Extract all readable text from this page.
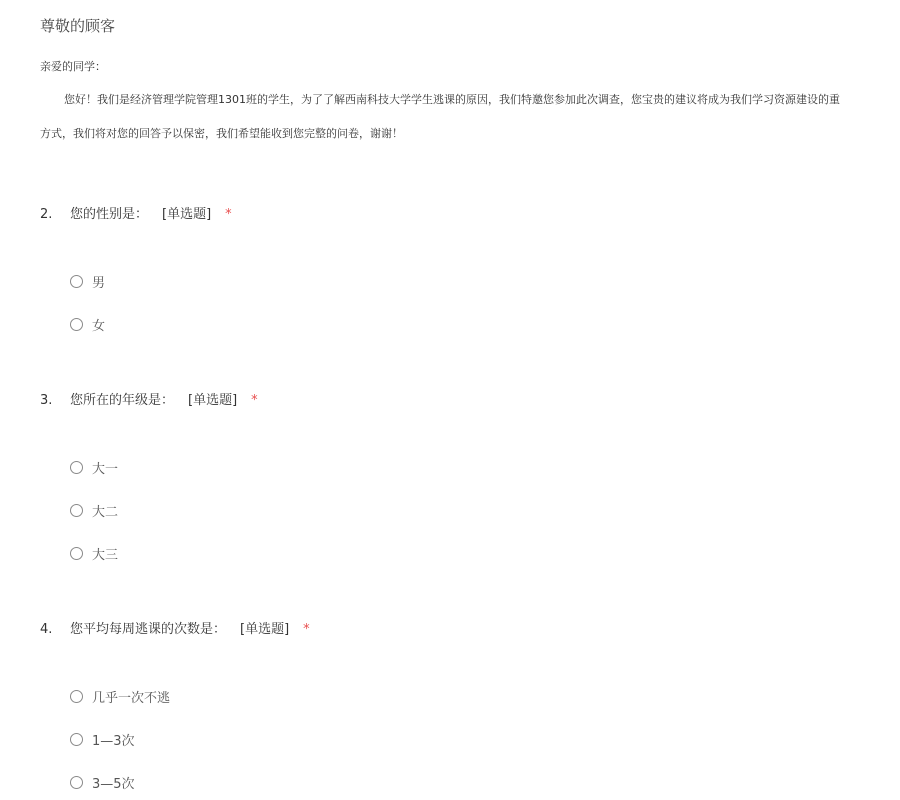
尊敬的顾客
亲爱的同学：
您好！我们是经济管理学院管理1301班的学生，为了了解西南科技大学学生逃课的原因，我们特邀您参加此次调查，您宝贵的建议将成为我们学习资源建设的重
方式，我们将对您的回答予以保密，我们希望能收到您完整的问卷，谢谢！
2. 您的性别是： [单选题] *
男
女
3. 您所在的年级是： [单选题] *
大一
大二
大三
4. 您平均每周逃课的次数是： [单选题] *
几乎一次不逃
1—3次
3—5次
